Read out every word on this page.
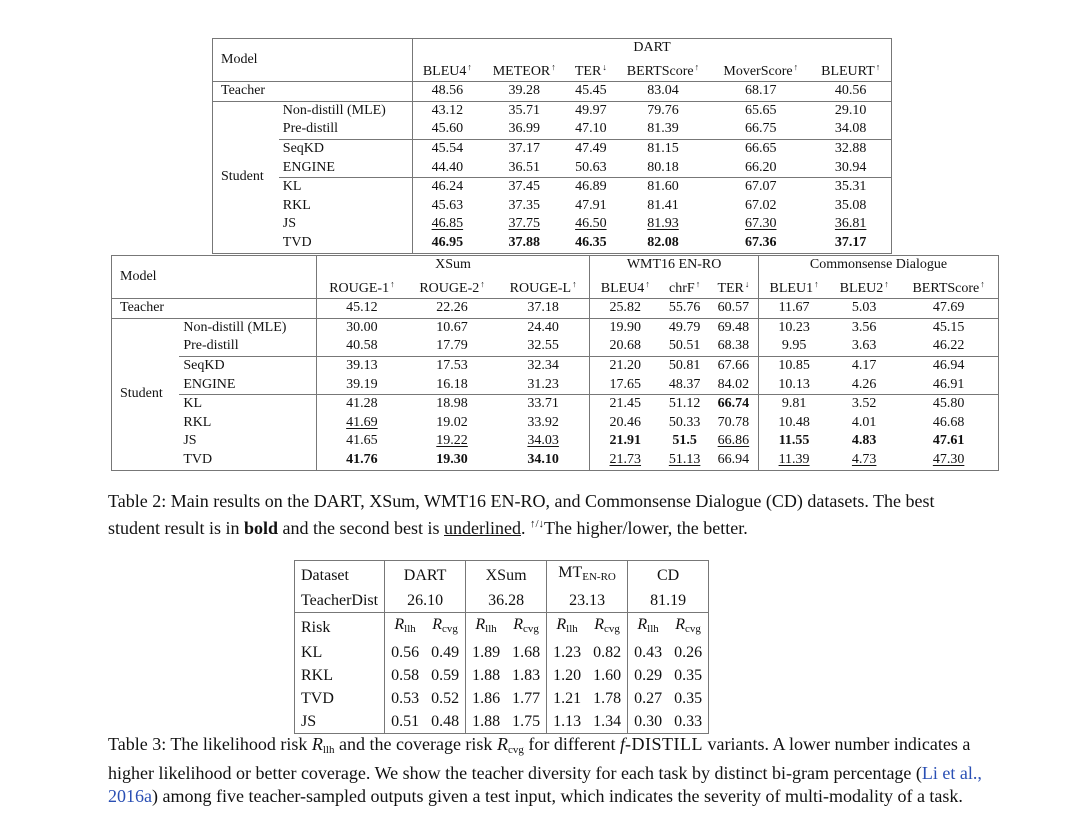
Model		DART					
		BLEU4↑	METEOR↑	TER↓	BERTScore↑	MoverScore↑	BLEURT↑
Teacher		48.56	39.28	45.45	83.04	68.17	40.56
Student	Non-distill (MLE)	43.12	35.71	49.97	79.76	65.65	29.10
	Pre-distill	45.60	36.99	47.10	81.39	66.75	34.08
	SeqKD	45.54	37.17	47.49	81.15	66.65	32.88
	ENGINE	44.40	36.51	50.63	80.18	66.20	30.94
	KL	46.24	37.45	46.89	81.60	67.07	35.31
	RKL	45.63	37.35	47.91	81.41	67.02	35.08
	JS	46.85	37.75	46.50	81.93	67.30	36.81
	TVD	46.95	37.88	46.35	82.08	67.36	37.17
Model		XSum			WMT16 EN-RO			Commonsense Dialogue		
		ROUGE-1↑	ROUGE-2↑	ROUGE-L↑	BLEU4↑	chrF↑	TER↓	BLEU1↑	BLEU2↑	BERTScore↑
Teacher		45.12	22.26	37.18	25.82	55.76	60.57	11.67	5.03	47.69
Student	Non-distill (MLE)	30.00	10.67	24.40	19.90	49.79	69.48	10.23	3.56	45.15
	Pre-distill	40.58	17.79	32.55	20.68	50.51	68.38	9.95	3.63	46.22
	SeqKD	39.13	17.53	32.34	21.20	50.81	67.66	10.85	4.17	46.94
	ENGINE	39.19	16.18	31.23	17.65	48.37	84.02	10.13	4.26	46.91
	KL	41.28	18.98	33.71	21.45	51.12	66.74	9.81	3.52	45.80
	RKL	41.69	19.02	33.92	20.46	50.33	70.78	10.48	4.01	46.68
	JS	41.65	19.22	34.03	21.91	51.5	66.86	11.55	4.83	47.61
	TVD	41.76	19.30	34.10	21.73	51.13	66.94	11.39	4.73	47.30

Table 2: Main results on the DART, XSum, WMT16 EN-RO, and Commonsense Dialogue (CD) datasets. The best

student result is in bold and the second best is underlined. ↑/↓The higher/lower, the better.

Dataset	DART		XSum		$MT_{EN-RO}$		CD	
TeacherDist	26.10		36.28		23.13		81.19	
Risk	$R_{llh}$	$R_{cvg}$	$R_{llh}$	$R_{cvg}$	$R_{llh}$	$R_{cvg}$	$R_{llh}$	$R_{cvg}$
KL	0.56	0.49	1.89	1.68	1.23	0.82	0.43	0.26
RKL	0.58	0.59	1.88	1.83	1.20	1.60	0.29	0.35
TVD	0.53	0.52	1.86	1.77	1.21	1.78	0.27	0.35
JS	0.51	0.48	1.88	1.75	1.13	1.34	0.30	0.33

Table 3: The likelihood risk $R_{llh}$ and the coverage risk $R_{cvg}$ for different f-DISTILL variants. A lower number indicates a higher likelihood or better coverage. We show the teacher diversity for each task by distinct bi-gram percentage (Li et al., 2016a) among five teacher-sampled outputs given a test input, which indicates the severity of multi-modality of a task.
